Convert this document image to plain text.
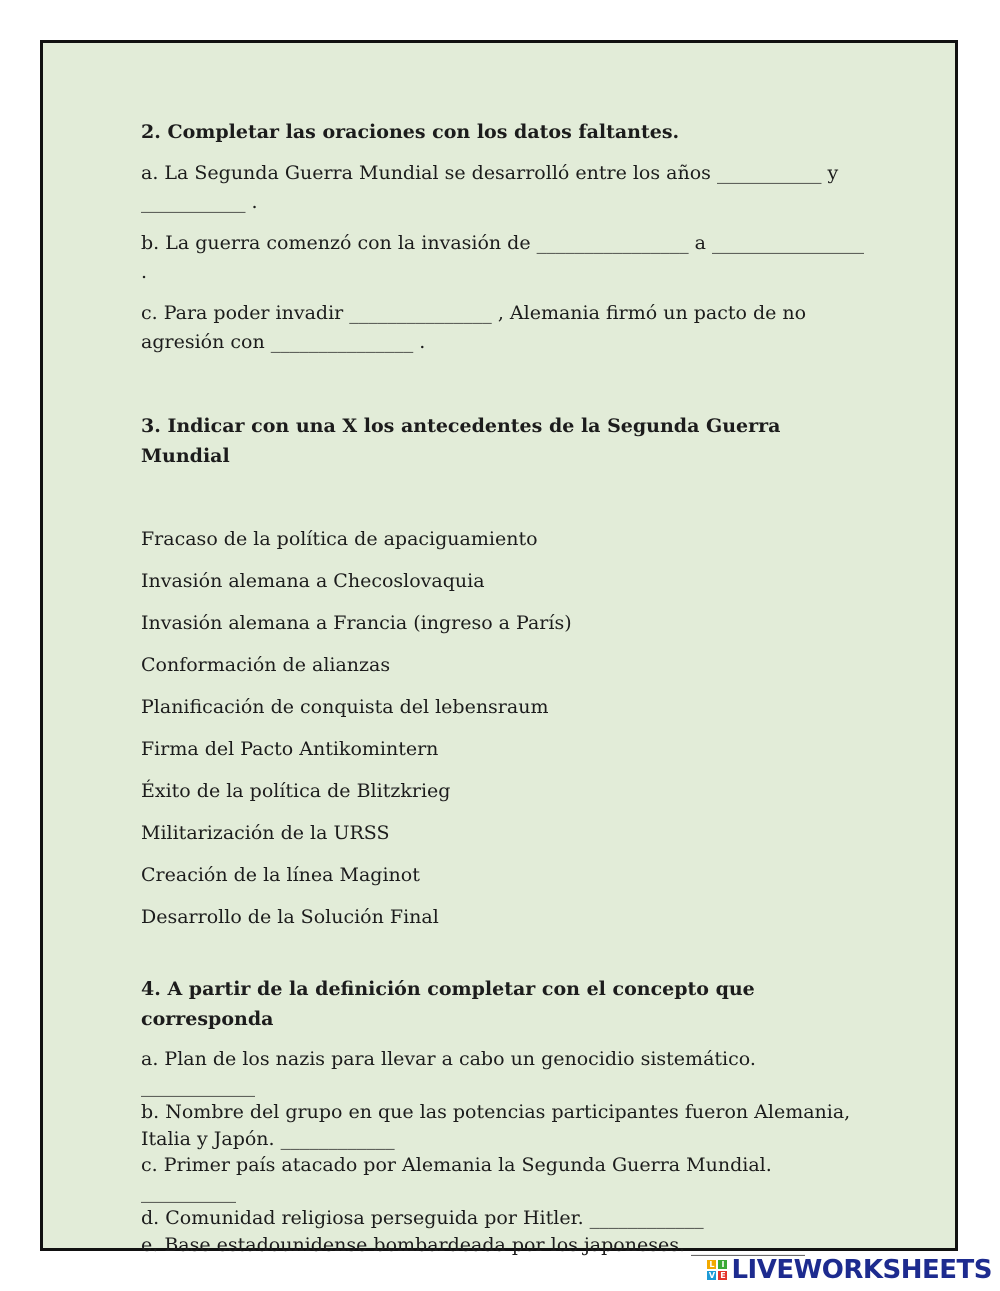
2. Completar las oraciones con los datos faltantes.

a. La Segunda Guerra Mundial se desarrolló entre los años ___________ y

___________ .

b. La guerra comenzó con la invasión de ________________ a ________________ .

c. Para poder invadir _______________ , Alemania firmó un pacto de no

agresión con _______________ .

3. Indicar con una X los antecedentes de la Segunda Guerra Mundial

Fracaso de la política de apaciguamiento

Invasión alemana a Checoslovaquia

Invasión alemana a Francia (ingreso a París)

Conformación de alianzas

Planificación de conquista del lebensraum

Firma del Pacto Antikomintern

Éxito de la política de Blitzkrieg

Militarización de la URSS

Creación de la línea Maginot

Desarrollo de la Solución Final

4. A partir de la definición completar con el concepto que

corresponda

a. Plan de los nazis para llevar a cabo un genocidio sistemático. ____________

b. Nombre del grupo en que las potencias participantes fueron Alemania,

Italia y Japón. ____________

c. Primer país atacado por Alemania la Segunda Guerra Mundial. __________

d. Comunidad religiosa perseguida por Hitler. ____________

e. Base estadounidense bombardeada por los japoneses. ____________

L I
V E LIVEWORKSHEETS
